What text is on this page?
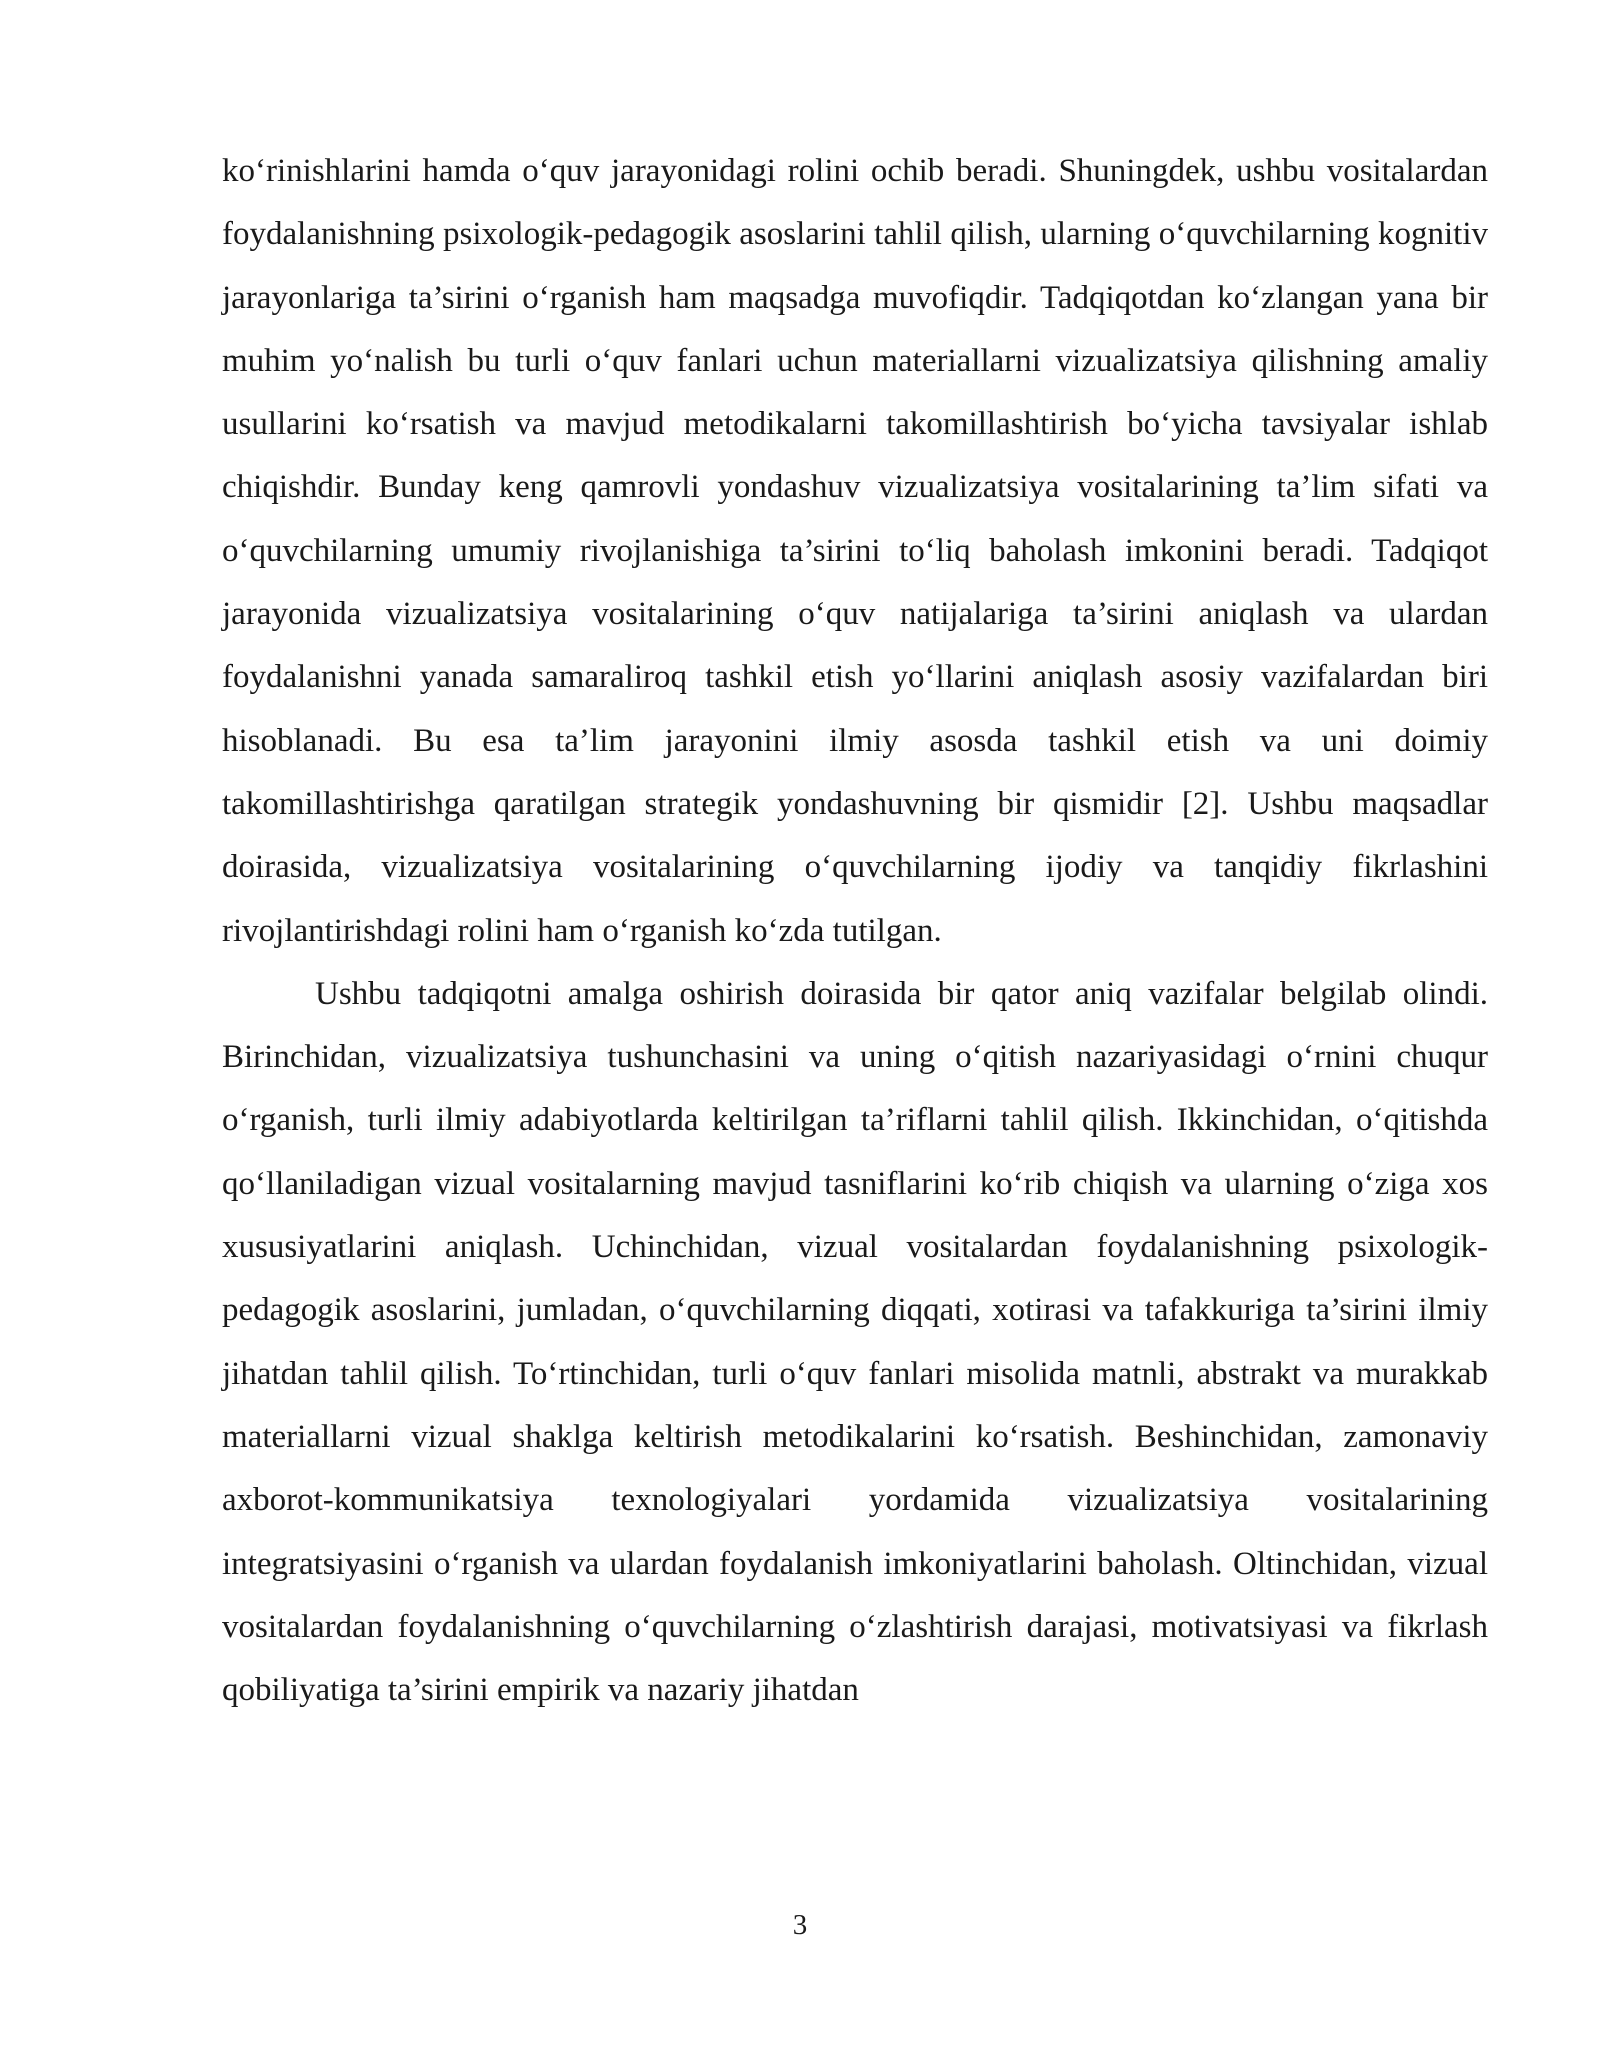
ko‘rinishlarini hamda o‘quv jarayonidagi rolini ochib beradi. Shuningdek, ushbu vositalardan foydalanishning psixologik-pedagogik asoslarini tahlil qilish, ularning o‘quvchilarning kognitiv jarayonlariga ta’sirini o‘rganish ham maqsadga muvofiqdir. Tadqiqotdan ko‘zlangan yana bir muhim yo‘nalish bu turli o‘quv fanlari uchun materiallarni vizualizatsiya qilishning amaliy usullarini ko‘rsatish va mavjud metodikalarni takomillashtirish bo‘yicha tavsiyalar ishlab chiqishdir. Bunday keng qamrovli yondashuv vizualizatsiya vositalarining ta’lim sifati va o‘quvchilarning umumiy rivojlanishiga ta’sirini to‘liq baholash imkonini beradi. Tadqiqot jarayonida vizualizatsiya vositalarining o‘quv natijalariga ta’sirini aniqlash va ulardan foydalanishni yanada samaraliroq tashkil etish yo‘llarini aniqlash asosiy vazifalardan biri hisoblanadi. Bu esa ta’lim jarayonini ilmiy asosda tashkil etish va uni doimiy takomillashtirishga qaratilgan strategik yondashuvning bir qismidir [2]. Ushbu maqsadlar doirasida, vizualizatsiya vositalarining o‘quvchilarning ijodiy va tanqidiy fikrlashini rivojlantirishdagi rolini ham o‘rganish ko‘zda tutilgan.

Ushbu tadqiqotni amalga oshirish doirasida bir qator aniq vazifalar belgilab olindi. Birinchidan, vizualizatsiya tushunchasini va uning o‘qitish nazariyasidagi o‘rnini chuqur o‘rganish, turli ilmiy adabiyotlarda keltirilgan ta’riflarni tahlil qilish. Ikkinchidan, o‘qitishda qo‘llaniladigan vizual vositalarning mavjud tasniflarini ko‘rib chiqish va ularning o‘ziga xos xususiyatlarini aniqlash. Uchinchidan, vizual vositalardan foydalanishning psixologik-pedagogik asoslarini, jumladan, o‘quvchilarning diqqati, xotirasi va tafakkuriga ta’sirini ilmiy jihatdan tahlil qilish. To‘rtinchidan, turli o‘quv fanlari misolida matnli, abstrakt va murakkab materiallarni vizual shaklga keltirish metodikalarini ko‘rsatish. Beshinchidan, zamonaviy axborot-kommunikatsiya texnologiyalari yordamida vizualizatsiya vositalarining integratsiyasini o‘rganish va ulardan foydalanish imkoniyatlarini baholash. Oltinchidan, vizual vositalardan foydalanishning o‘quvchilarning o‘zlashtirish darajasi, motivatsiyasi va fikrlash qobiliyatiga ta’sirini empirik va nazariy jihatdan

3
